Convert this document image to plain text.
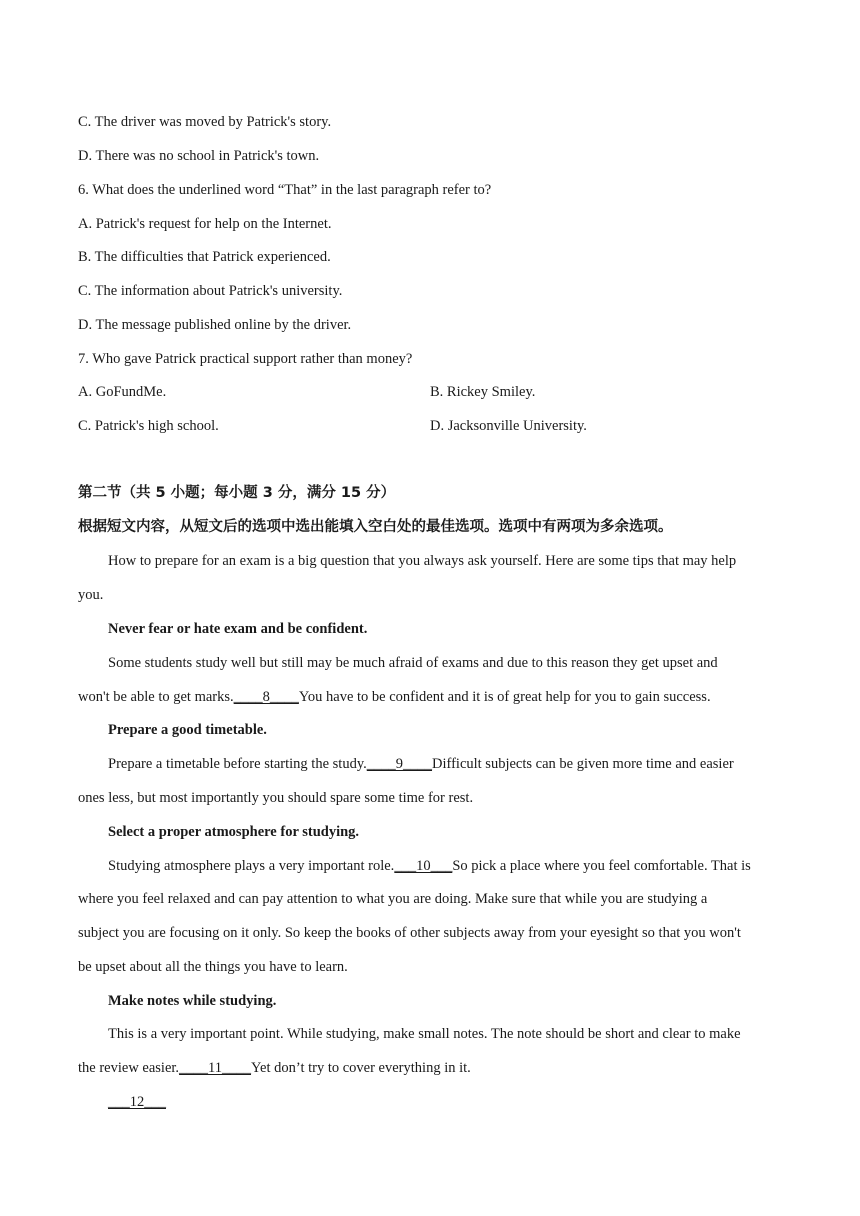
C. The driver was moved by Patrick's story.
D. There was no school in Patrick's town.
6. What does the underlined word “That” in the last paragraph refer to?
A. Patrick's request for help on the Internet.
B. The difficulties that Patrick experienced.
C. The information about Patrick's university.
D. The message published online by the driver.
7. Who gave Patrick practical support rather than money?
A. GoFundMe.	B. Rickey Smiley.
C. Patrick's high school.	D. Jacksonville University.
第二节（共 5 小题；每小题 3 分，满分 15 分）
根据短文内容，从短文后的选项中选出能填入空白处的最佳选项。选项中有两项为多余选项。
How to prepare for an exam is a big question that you always ask yourself. Here are some tips that may help
you.
Never fear or hate exam and be confident.
Some students study well but still may be much afraid of exams and due to this reason they get upset and
won't be able to get marks.____8____You have to be confident and it is of great help for you to gain success.
Prepare a good timetable.
Prepare a timetable before starting the study.____9____Difficult subjects can be given more time and easier
ones less, but most importantly you should spare some time for rest.
Select a proper atmosphere for studying.
Studying atmosphere plays a very important role.___10___So pick a place where you feel comfortable. That is
where you feel relaxed and can pay attention to what you are doing. Make sure that while you are studying a
subject you are focusing on it only. So keep the books of other subjects away from your eyesight so that you won't
be upset about all the things you have to learn.
Make notes while studying.
This is a very important point. While studying, make small notes. The note should be short and clear to make
the review easier.____11____Yet don’t try to cover everything in it.
___12___
